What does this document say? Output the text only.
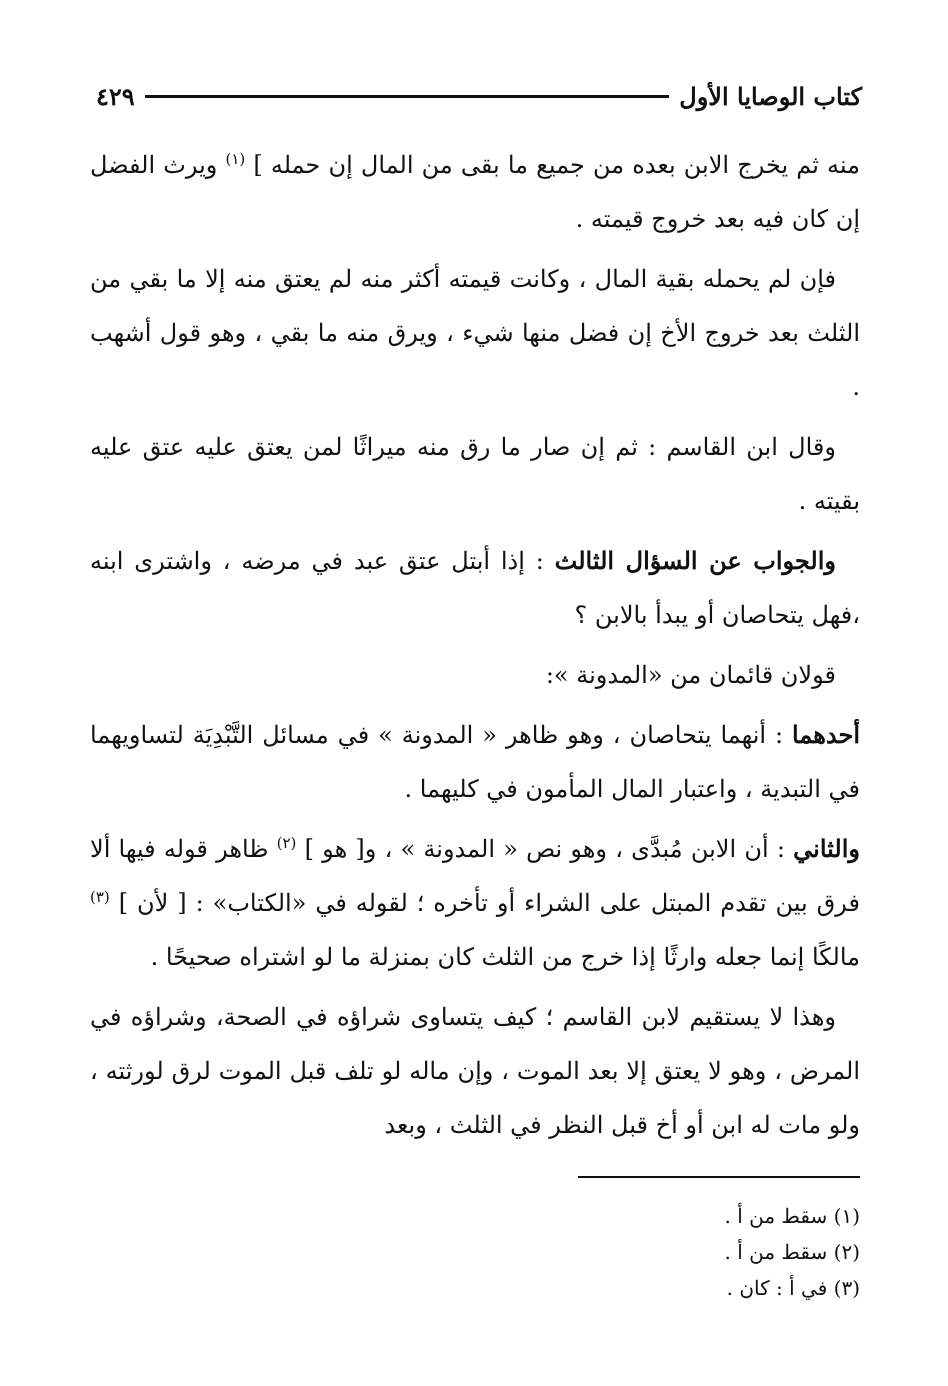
كتاب الوصايا الأول
٤٢٩

منه ثم يخرج الابن بعده من جميع ما بقى من المال إن حمله ] $^{(١)}$ ويرث الفضل إن كان فيه بعد خروج قيمته .

فإن لم يحمله بقية المال ، وكانت قيمته أكثر منه لم يعتق منه إلا ما بقي من الثلث بعد خروج الأخ إن فضل منها شيء ، ويرق منه ما بقي ، وهو قول أشهب .

وقال ابن القاسم : ثم إن صار ما رق منه ميراثًا لمن يعتق عليه عتق عليه بقيته .

والجواب عن السؤال الثالث : إذا أبتل عتق عبد في مرضه ، واشترى ابنه ،فهل يتحاصان أو يبدأ بالابن ؟

قولان قائمان من «المدونة »:

أحدهما : أنهما يتحاصان ، وهو ظاهر « المدونة » في مسائل التَّبْدِيَة لتساويهما في التبدية ، واعتبار المال المأمون في كليهما .

والثاني : أن الابن مُبدَّى ، وهو نص « المدونة » ، و[ هو ] $^{(٢)}$ ظاهر قوله فيها ألا فرق بين تقدم المبتل على الشراء أو تأخره ؛ لقوله في «الكتاب» : [ لأن ] $^{(٣)}$ مالكًا إنما جعله وارثًا إذا خرج من الثلث كان بمنزلة ما لو اشتراه صحيحًا .

وهذا لا يستقيم لابن القاسم ؛ كيف يتساوى شراؤه في الصحة، وشراؤه في المرض ، وهو لا يعتق إلا بعد الموت ، وإن ماله لو تلف قبل الموت لرق لورثته ، ولو مات له ابن أو أخ قبل النظر في الثلث ، وبعد

(١) سقط من أ .

(٢) سقط من أ .

(٣) في أ : كان .
